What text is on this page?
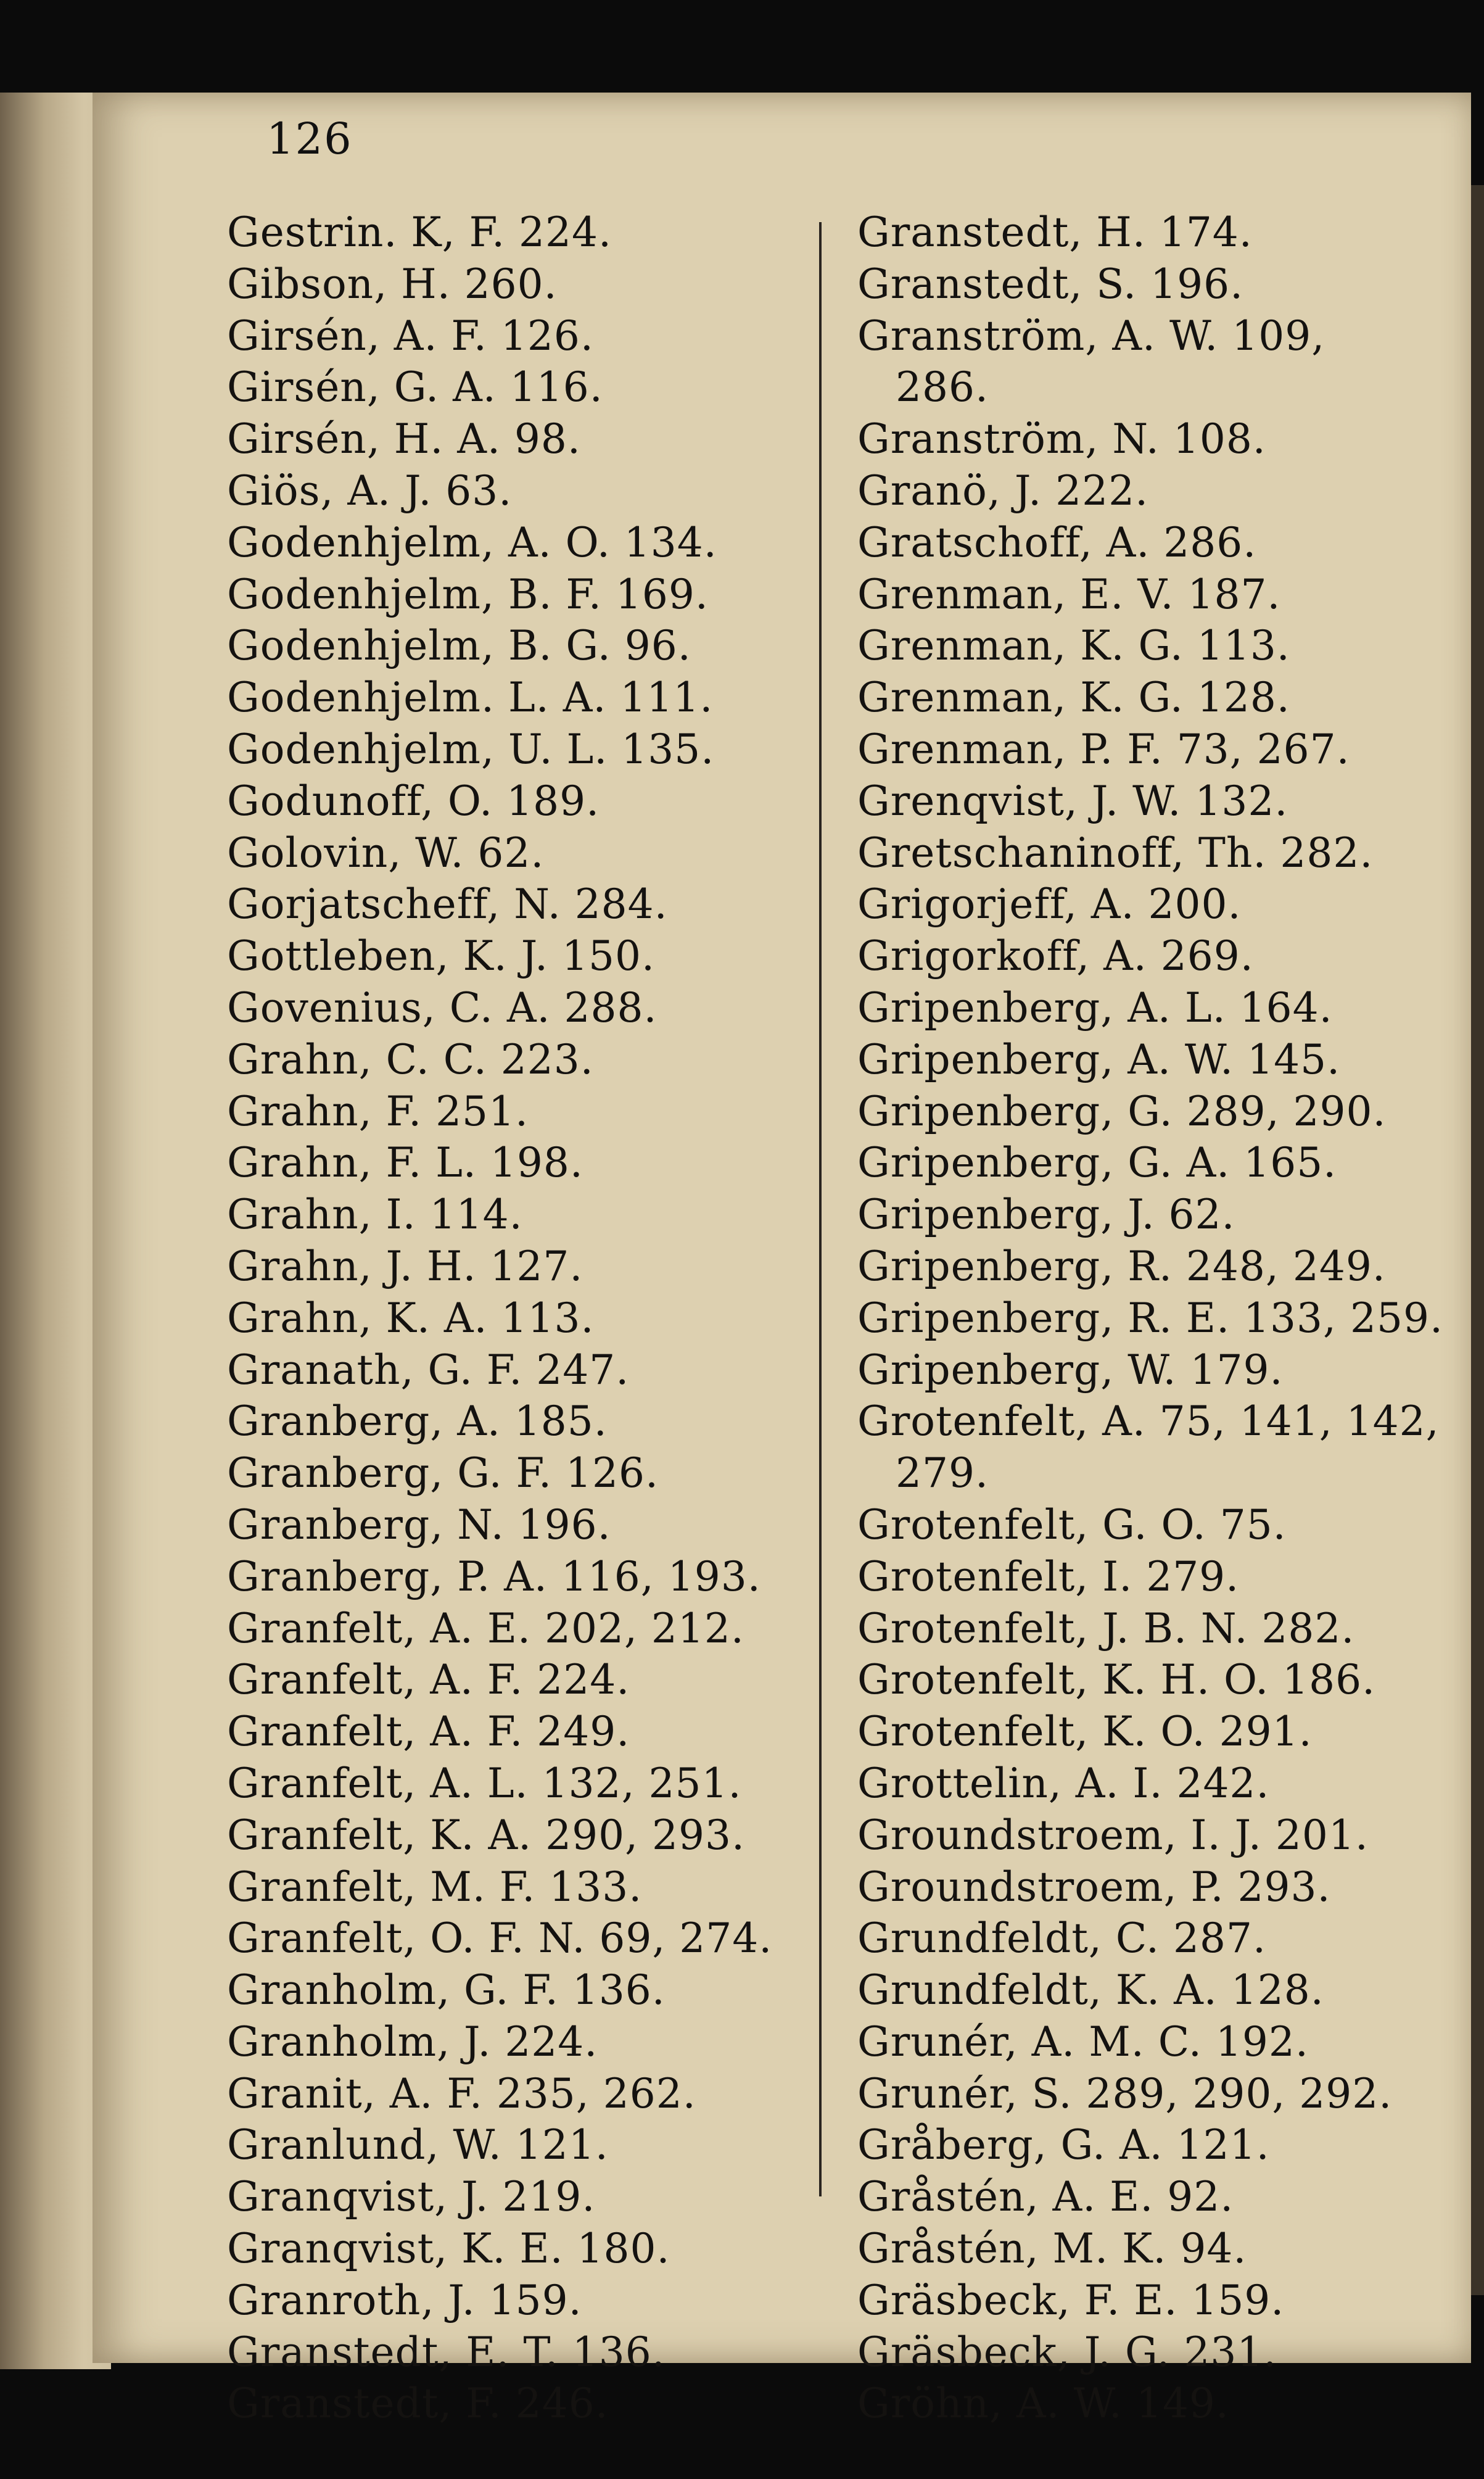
126
Gestrin. K, F. 224.
Gibson, H. 260.
Girsén, A. F. 126.
Girsén, G. A. 116.
Girsén, H. A. 98.
Giös, A. J. 63.
Godenhjelm, A. O. 134.
Godenhjelm, B. F. 169.
Godenhjelm, B. G. 96.
Godenhjelm. L. A. 111.
Godenhjelm, U. L. 135.
Godunoff, O. 189.
Golovin, W. 62.
Gorjatscheff, N. 284.
Gottleben, K. J. 150.
Govenius, C. A. 288.
Grahn, C. C. 223.
Grahn, F. 251.
Grahn, F. L. 198.
Grahn, I. 114.
Grahn, J. H. 127.
Grahn, K. A. 113.
Granath, G. F. 247.
Granberg, A. 185.
Granberg, G. F. 126.
Granberg, N. 196.
Granberg, P. A. 116, 193.
Granfelt, A. E. 202, 212.
Granfelt, A. F. 224.
Granfelt, A. F. 249.
Granfelt, A. L. 132, 251.
Granfelt, K. A. 290, 293.
Granfelt, M. F. 133.
Granfelt, O. F. N. 69, 274.
Granholm, G. F. 136.
Granholm, J. 224.
Granit, A. F. 235, 262.
Granlund, W. 121.
Granqvist, J. 219.
Granqvist, K. E. 180.
Granroth, J. 159.
Granstedt, E. T. 136.
Granstedt, F. 246.
Granstedt, H. 174.
Granstedt, S. 196.
Granström, A. W. 109,
286.
Granström, N. 108.
Granö, J. 222.
Gratschoff, A. 286.
Grenman, E. V. 187.
Grenman, K. G. 113.
Grenman, K. G. 128.
Grenman, P. F. 73, 267.
Grenqvist, J. W. 132.
Gretschaninoff, Th. 282.
Grigorjeff, A. 200.
Grigorkoff, A. 269.
Gripenberg, A. L. 164.
Gripenberg, A. W. 145.
Gripenberg, G. 289, 290.
Gripenberg, G. A. 165.
Gripenberg, J. 62.
Gripenberg, R. 248, 249.
Gripenberg, R. E. 133, 259.
Gripenberg, W. 179.
Grotenfelt, A. 75, 141, 142,
279.
Grotenfelt, G. O. 75.
Grotenfelt, I. 279.
Grotenfelt, J. B. N. 282.
Grotenfelt, K. H. O. 186.
Grotenfelt, K. O. 291.
Grottelin, A. I. 242.
Groundstroem, I. J. 201.
Groundstroem, P. 293.
Grundfeldt, C. 287.
Grundfeldt, K. A. 128.
Grunér, A. M. C. 192.
Grunér, S. 289, 290, 292.
Gråberg, G. A. 121.
Gråstén, A. E. 92.
Gråstén, M. K. 94.
Gräsbeck, F. E. 159.
Gräsbeck, J. G. 231.
Gröhn, A. W. 149.
